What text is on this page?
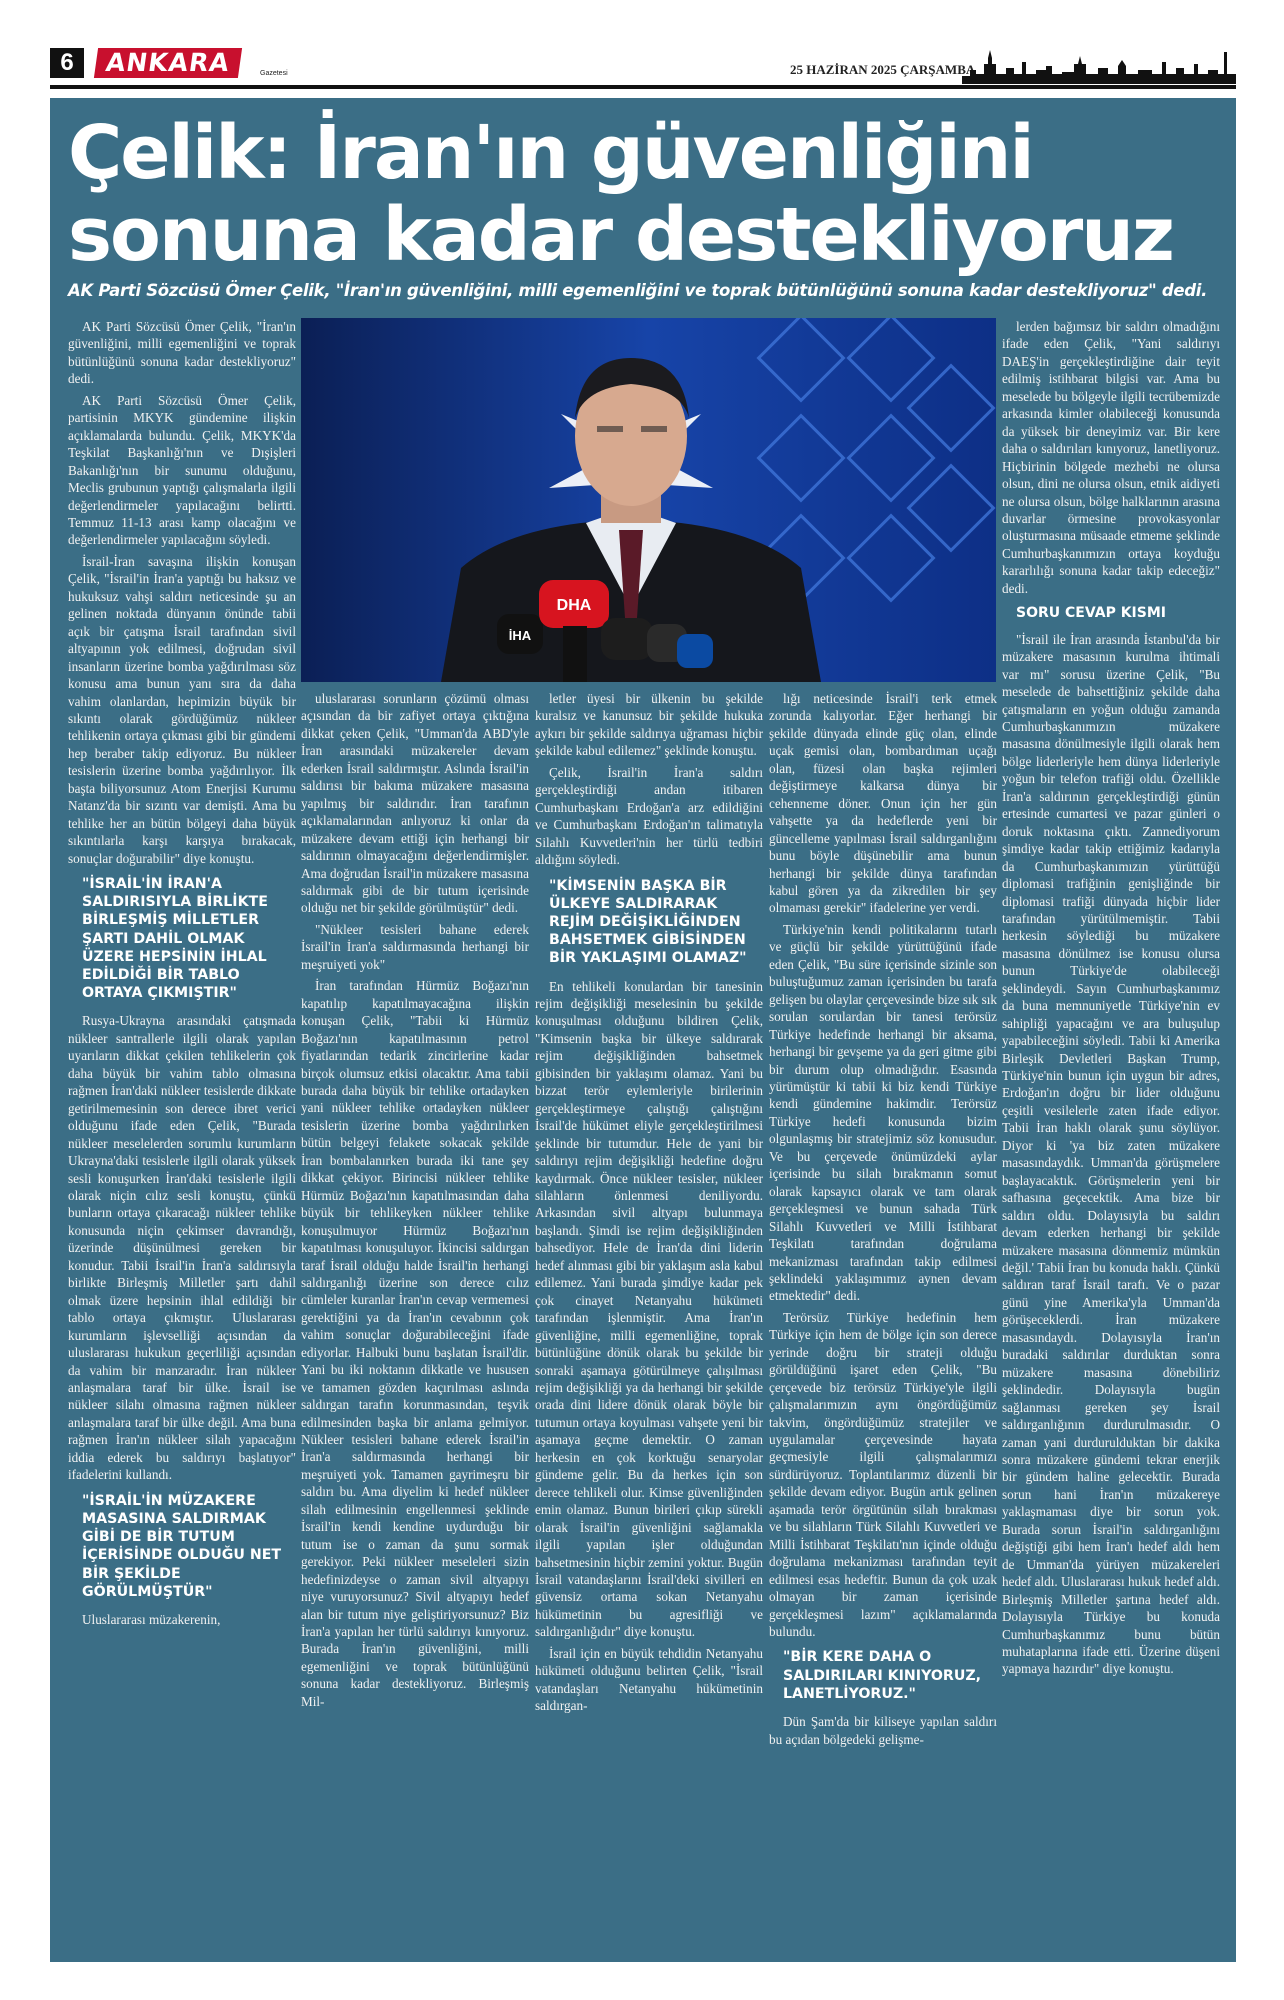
6	ANKARA	Gazetesi	25 HAZİRAN 2025 ÇARŞAMBA
Çelik: İran'ın güvenliğini
sonuna kadar destekliyoruz

AK Parti Sözcüsü Ömer Çelik, "İran'ın güvenliğini, milli egemenliğini ve toprak bütünlüğünü sonuna kadar destekliyoruz" dedi.

İHA
DHA

AK Parti Sözcüsü Ömer Çelik, "İran'ın güvenliğini, milli egemenliğini ve toprak bütünlüğünü sonuna kadar destekliyoruz" dedi.

AK Parti Sözcüsü Ömer Çelik, partisinin MKYK gündemine ilişkin açıklamalarda bulundu. Çelik, MKYK'da Teşkilat Başkanlığı'nın ve Dışişleri Bakanlığı'nın bir sunumu olduğunu, Meclis grubunun yaptığı çalışmalarla ilgili değerlendirmeler yapılacağını belirtti. Temmuz 11-13 arası kamp olacağını ve değerlendirmeler yapılacağını söyledi.

İsrail-İran savaşına ilişkin konuşan Çelik, "İsrail'in İran'a yaptığı bu haksız ve hukuksuz vahşi saldırı neticesinde şu an gelinen noktada dünyanın önünde tabii açık bir çatışma İsrail tarafından sivil altyapının yok edilmesi, doğrudan sivil insanların üzerine bomba yağdırılması söz konusu ama bunun yanı sıra da daha vahim olanlardan, hepimizin büyük bir sıkıntı olarak gördüğümüz nükleer tehlikenin ortaya çıkması gibi bir gündemi hep beraber takip ediyoruz. Bu nükleer tesislerin üzerine bomba yağdırılıyor. İlk başta biliyorsunuz Atom Enerjisi Kurumu Natanz'da bir sızıntı var demişti. Ama bu tehlike her an bütün bölgeyi daha büyük sıkıntılarla karşı karşıya bırakacak, sonuçlar doğurabilir" diye konuştu.

"İSRAİL'İN İRAN'A SALDIRISIYLA BİRLİKTE BİRLEŞMİŞ MİLLETLER ŞARTI DAHİL OLMAK ÜZERE HEPSİNİN İHLAL EDİLDİĞİ BİR TABLO ORTAYA ÇIKMIŞTIR"

Rusya-Ukrayna arasındaki çatışmada nükleer santrallerle ilgili olarak yapılan uyarıların dikkat çekilen tehlikelerin çok daha büyük bir vahim tablo olmasına rağmen İran'daki nükleer tesislerde dikkate getirilmemesinin son derece ibret verici olduğunu ifade eden Çelik, "Burada nükleer meselelerden sorumlu kurumların Ukrayna'daki tesislerle ilgili olarak yüksek sesli konuşurken İran'daki tesislerle ilgili olarak niçin cılız sesli konuştu, çünkü bunların ortaya çıkaracağı nükleer tehlike konusunda niçin çekimser davrandığı, üzerinde düşünülmesi gereken bir konudur. Tabii İsrail'in İran'a saldırısıyla birlikte Birleşmiş Milletler şartı dahil olmak üzere hepsinin ihlal edildiği bir tablo ortaya çıkmıştır. Uluslararası kurumların işlevselliği açısından da uluslararası hukukun geçerliliği açısından da vahim bir manzaradır. İran nükleer anlaşmalara taraf bir ülke. İsrail ise nükleer silahı olmasına rağmen nükleer anlaşmalara taraf bir ülke değil. Ama buna rağmen İran'ın nükleer silah yapacağını iddia ederek bu saldırıyı başlatıyor" ifadelerini kullandı.

"İSRAİL'İN MÜZAKERE MASASINA SALDIRMAK GİBİ DE BİR TUTUM İÇERİSİNDE OLDUĞU NET BİR ŞEKİLDE GÖRÜLMÜŞTÜR"

Uluslararası müzakerenin,

uluslararası sorunların çözümü olması açısından da bir zafiyet ortaya çıktığına dikkat çeken Çelik, "Umman'da ABD'yle İran arasındaki müzakereler devam ederken İsrail saldırmıştır. Aslında İsrail'in saldırısı bir bakıma müzakere masasına yapılmış bir saldırıdır. İran tarafının açıklamalarından anlıyoruz ki onlar da müzakere devam ettiği için herhangi bir saldırının olmayacağını değerlendirmişler. Ama doğrudan İsrail'in müzakere masasına saldırmak gibi de bir tutum içerisinde olduğu net bir şekilde görülmüştür" dedi.

"Nükleer tesisleri bahane ederek İsrail'in İran'a saldırmasında herhangi bir meşruiyeti yok"

İran tarafından Hürmüz Boğazı'nın kapatılıp kapatılmayacağına ilişkin konuşan Çelik, "Tabii ki Hürmüz Boğazı'nın kapatılmasının petrol fiyatlarından tedarik zincirlerine kadar birçok olumsuz etkisi olacaktır. Ama tabii burada daha büyük bir tehlike ortadayken yani nükleer tehlike ortadayken nükleer tesislerin üzerine bomba yağdırılırken bütün belgeyi felakete sokacak şekilde İran bombalanırken burada iki tane şey dikkat çekiyor. Birincisi nükleer tehlike Hürmüz Boğazı'nın kapatılmasından daha büyük bir tehlikeyken nükleer tehlike konuşulmuyor Hürmüz Boğazı'nın kapatılması konuşuluyor. İkincisi saldırgan taraf İsrail olduğu halde İsrail'in herhangi saldırganlığı üzerine son derece cılız cümleler kuranlar İran'ın cevap vermemesi gerektiğini ya da İran'ın cevabının çok vahim sonuçlar doğurabileceğini ifade ediyorlar. Halbuki bunu başlatan İsrail'dir. Yani bu iki noktanın dikkatle ve hususen ve tamamen gözden kaçırılması aslında saldırgan tarafın korunmasından, teşvik edilmesinden başka bir anlama gelmiyor. Nükleer tesisleri bahane ederek İsrail'in İran'a saldırmasında herhangi bir meşruiyeti yok. Tamamen gayrimeşru bir saldırı bu. Ama diyelim ki hedef nükleer silah edilmesinin engellenmesi şeklinde İsrail'in kendi kendine uydurduğu bir tutum ise o zaman da şunu sormak gerekiyor. Peki nükleer meseleleri sizin hedefinizdeyse o zaman sivil altyapıyı niye vuruyorsunuz? Sivil altyapıyı hedef alan bir tutum niye geliştiriyorsunuz? Biz İran'a yapılan her türlü saldırıyı kınıyoruz. Burada İran'ın güvenliğini, milli egemenliğini ve toprak bütünlüğünü sonuna kadar destekliyoruz. Birleşmiş Mil-

letler üyesi bir ülkenin bu şekilde kuralsız ve kanunsuz bir şekilde hukuka aykırı bir şekilde saldırıya uğraması hiçbir şekilde kabul edilemez" şeklinde konuştu.

Çelik, İsrail'in İran'a saldırı gerçekleştirdiği andan itibaren Cumhurbaşkanı Erdoğan'a arz edildiğini ve Cumhurbaşkanı Erdoğan'ın talimatıyla Silahlı Kuvvetleri'nin her türlü tedbiri aldığını söyledi.

"KİMSENİN BAŞKA BİR ÜLKEYE SALDIRARAK REJİM DEĞİŞİKLİĞİNDEN BAHSETMEK GİBİSİNDEN BİR YAKLAŞIMI OLAMAZ"

En tehlikeli konulardan bir tanesinin rejim değişikliği meselesinin bu şekilde konuşulması olduğunu bildiren Çelik, "Kimsenin başka bir ülkeye saldırarak rejim değişikliğinden bahsetmek gibisinden bir yaklaşımı olamaz. Yani bu bizzat terör eylemleriyle birilerinin gerçekleştirmeye çalıştığı çalıştığını İsrail'de hükümet eliyle gerçekleştirilmesi şeklinde bir tutumdur. Hele de yani bir saldırıyı rejim değişikliği hedefine doğru kaydırmak. Önce nükleer tesisler, nükleer silahların önlenmesi deniliyordu. Arkasından sivil altyapı bulunmaya başlandı. Şimdi ise rejim değişikliğinden bahsediyor. Hele de İran'da dini liderin hedef alınması gibi bir yaklaşım asla kabul edilemez. Yani burada şimdiye kadar pek çok cinayet Netanyahu hükümeti tarafından işlenmiştir. Ama İran'ın güvenliğine, milli egemenliğine, toprak bütünlüğüne dönük olarak bu şekilde bir sonraki aşamaya götürülmeye çalışılması rejim değişikliği ya da herhangi bir şekilde orada dini lidere dönük olarak böyle bir tutumun ortaya koyulması vahşete yeni bir aşamaya geçme demektir. O zaman herkesin en çok korktuğu senaryolar gündeme gelir. Bu da herkes için son derece tehlikeli olur. Kimse güvenliğinden emin olamaz. Bunun birileri çıkıp sürekli olarak İsrail'in güvenliğini sağlamakla ilgili yapılan işler olduğundan bahsetmesinin hiçbir zemini yoktur. Bugün İsrail vatandaşlarını İsrail'deki sivilleri en güvensiz ortama sokan Netanyahu hükümetinin bu agresifliği ve saldırganlığıdır" diye konuştu.

İsrail için en büyük tehdidin Netanyahu hükümeti olduğunu belirten Çelik, "İsrail vatandaşları Netanyahu hükümetinin saldırgan-

lığı neticesinde İsrail'i terk etmek zorunda kalıyorlar. Eğer herhangi bir şekilde dünyada elinde güç olan, elinde uçak gemisi olan, bombardıman uçağı olan, füzesi olan başka rejimleri değiştirmeye kalkarsa dünya bir cehenneme döner. Onun için her gün vahşette ya da hedeflerde yeni bir güncelleme yapılması İsrail saldırganlığını bunu böyle düşünebilir ama bunun herhangi bir şekilde dünya tarafından kabul gören ya da zikredilen bir şey olmaması gerekir" ifadelerine yer verdi.

Türkiye'nin kendi politikalarını tutarlı ve güçlü bir şekilde yürüttüğünü ifade eden Çelik, "Bu süre içerisinde sizinle son buluştuğumuz zaman içerisinden bu tarafa gelişen bu olaylar çerçevesinde bize sık sık sorulan sorulardan bir tanesi terörsüz Türkiye hedefinde herhangi bir aksama, herhangi bir gevşeme ya da geri gitme gibi bir durum olup olmadığıdır. Esasında yürümüştür ki tabii ki biz kendi Türkiye kendi gündemine hakimdir. Terörsüz Türkiye hedefi konusunda bizim olgunlaşmış bir stratejimiz söz konusudur. Ve bu çerçevede önümüzdeki aylar içerisinde bu silah bırakmanın somut olarak kapsayıcı olarak ve tam olarak gerçekleşmesi ve bunun sahada Türk Silahlı Kuvvetleri ve Milli İstihbarat Teşkilatı tarafından doğrulama mekanizması tarafından takip edilmesi şeklindeki yaklaşımımız aynen devam etmektedir" dedi.

Terörsüz Türkiye hedefinin hem Türkiye için hem de bölge için son derece yerinde doğru bir strateji olduğu görüldüğünü işaret eden Çelik, "Bu çerçevede biz terörsüz Türkiye'yle ilgili çalışmalarımızın aynı öngördüğümüz takvim, öngördüğümüz stratejiler ve uygulamalar çerçevesinde hayata geçmesiyle ilgili çalışmalarımızı sürdürüyoruz. Toplantılarımız düzenli bir şekilde devam ediyor. Bugün artık gelinen aşamada terör örgütünün silah bırakması ve bu silahların Türk Silahlı Kuvvetleri ve Milli İstihbarat Teşkilatı'nın içinde olduğu doğrulama mekanizması tarafından teyit edilmesi esas hedeftir. Bunun da çok uzak olmayan bir zaman içerisinde gerçekleşmesi lazım" açıklamalarında bulundu.

"BİR KERE DAHA O SALDIRILARI KINIYORUZ, LANETLİYORUZ."

Dün Şam'da bir kiliseye yapılan saldırı bu açıdan bölgedeki gelişme-

lerden bağımsız bir saldırı olmadığını ifade eden Çelik, "Yani saldırıyı DAEŞ'in gerçekleştirdiğine dair teyit edilmiş istihbarat bilgisi var. Ama bu meselede bu bölgeyle ilgili tecrübemizde arkasında kimler olabileceği konusunda da yüksek bir deneyimiz var. Bir kere daha o saldırıları kınıyoruz, lanetliyoruz. Hiçbirinin bölgede mezhebi ne olursa olsun, dini ne olursa olsun, etnik aidiyeti ne olursa olsun, bölge halklarının arasına duvarlar örmesine provokasyonlar oluşturmasına müsaade etmeme şeklinde Cumhurbaşkanımızın ortaya koyduğu kararlılığı sonuna kadar takip edeceğiz" dedi.

SORU CEVAP KISMI

"İsrail ile İran arasında İstanbul'da bir müzakere masasının kurulma ihtimali var mı" sorusu üzerine Çelik, "Bu meselede de bahsettiğiniz şekilde daha çatışmaların en yoğun olduğu zamanda Cumhurbaşkanımızın müzakere masasına dönülmesiyle ilgili olarak hem bölge liderleriyle hem dünya liderleriyle yoğun bir telefon trafiği oldu. Özellikle İran'a saldırının gerçekleştirdiği günün ertesinde cumartesi ve pazar günleri o doruk noktasına çıktı. Zannediyorum şimdiye kadar takip ettiğimiz kadarıyla da Cumhurbaşkanımızın yürüttüğü diplomasi trafiğinin genişliğinde bir diplomasi trafiği dünyada hiçbir lider tarafından yürütülmemiştir. Tabii herkesin söylediği bu müzakere masasına dönülmez ise konusu olursa bunun Türkiye'de olabileceği şeklindeydi. Sayın Cumhurbaşkanımız da buna memnuniyetle Türkiye'nin ev sahipliği yapacağını ve ara buluşulup yapabileceğini söyledi. Tabii ki Amerika Birleşik Devletleri Başkan Trump, Türkiye'nin bunun için uygun bir adres, Erdoğan'ın doğru bir lider olduğunu çeşitli vesilelerle zaten ifade ediyor. Tabii İran haklı olarak şunu söylüyor. Diyor ki 'ya biz zaten müzakere masasındaydık. Umman'da görüşmelere başlayacaktık. Görüşmelerin yeni bir safhasına geçecektik. Ama bize bir saldırı oldu. Dolayısıyla bu saldırı devam ederken herhangi bir şekilde müzakere masasına dönmemiz mümkün değil.' Tabii İran bu konuda haklı. Çünkü saldıran taraf İsrail tarafı. Ve o pazar günü yine Amerika'yla Umman'da görüşeceklerdi. İran müzakere masasındaydı. Dolayısıyla İran'ın buradaki saldırılar durduktan sonra müzakere masasına dönebiliriz şeklindedir. Dolayısıyla bugün sağlanması gereken şey İsrail saldırganlığının durdurulmasıdır. O zaman yani durdurulduktan bir dakika sonra müzakere gündemi tekrar enerjik bir gündem haline gelecektir. Burada sorun hani İran'ın müzakereye yaklaşmaması diye bir sorun yok. Burada sorun İsrail'in saldırganlığını değiştiği gibi hem İran'ı hedef aldı hem de Umman'da yürüyen müzakereleri hedef aldı. Uluslararası hukuk hedef aldı. Birleşmiş Milletler şartına hedef aldı. Dolayısıyla Türkiye bu konuda Cumhurbaşkanımız bunu bütün muhataplarına ifade etti. Üzerine düşeni yapmaya hazırdır" diye konuştu.
